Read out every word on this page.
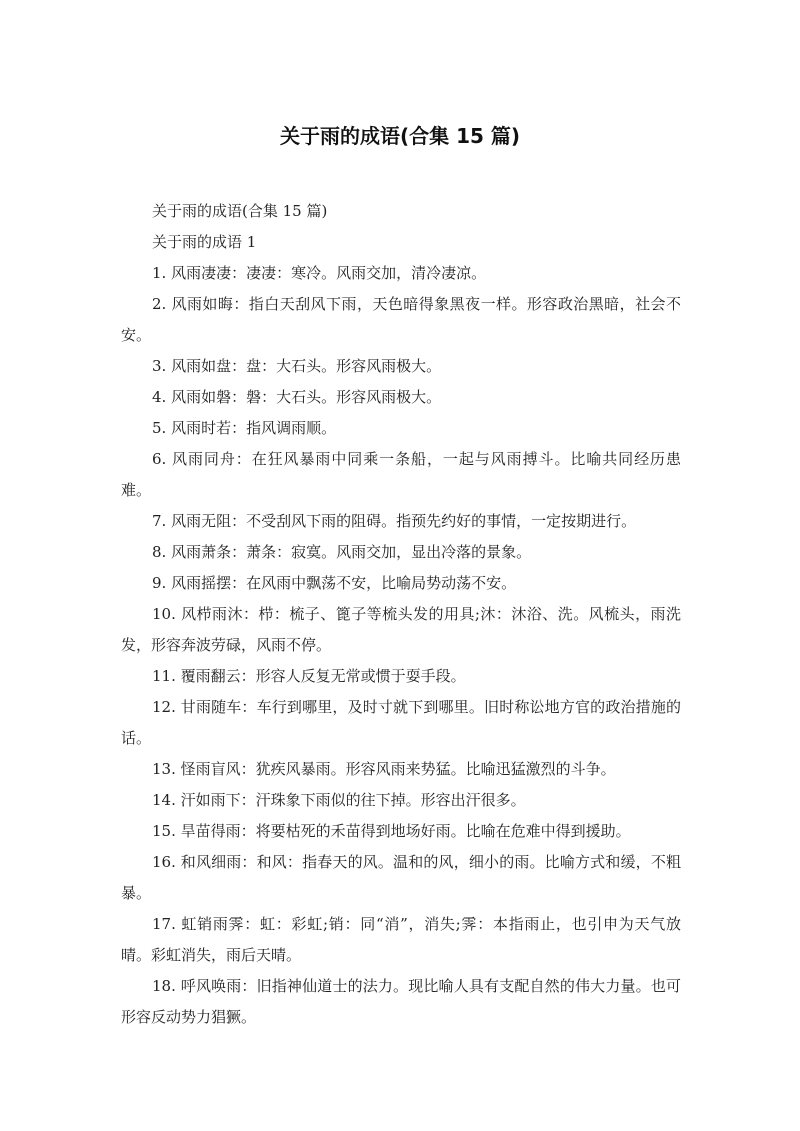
关于雨的成语(合集 15 篇)

关于雨的成语(合集 15 篇)

关于雨的成语 1

1. 风雨凄凄：凄凄：寒冷。风雨交加，清冷凄凉。

2. 风雨如晦：指白天刮风下雨，天色暗得象黑夜一样。形容政治黑暗，社会不安。

3. 风雨如盘：盘：大石头。形容风雨极大。

4. 风雨如磐：磐：大石头。形容风雨极大。

5. 风雨时若：指风调雨顺。

6. 风雨同舟：在狂风暴雨中同乘一条船，一起与风雨搏斗。比喻共同经历患难。

7. 风雨无阻：不受刮风下雨的阻碍。指预先约好的事情，一定按期进行。

8. 风雨萧条：萧条：寂寞。风雨交加，显出冷落的景象。

9. 风雨摇摆：在风雨中飘荡不安，比喻局势动荡不安。

10. 风栉雨沐：栉：梳子、篦子等梳头发的用具;沐：沐浴、洗。风梳头，雨洗发，形容奔波劳碌，风雨不停。

11. 覆雨翻云：形容人反复无常或惯于耍手段。

12. 甘雨随车：车行到哪里，及时寸就下到哪里。旧时称讼地方官的政治措施的话。

13. 怪雨盲风：犹疾风暴雨。形容风雨来势猛。比喻迅猛激烈的斗争。

14. 汗如雨下：汗珠象下雨似的往下掉。形容出汗很多。

15. 旱苗得雨：将要枯死的禾苗得到地场好雨。比喻在危难中得到援助。

16. 和风细雨：和风：指春天的风。温和的风，细小的雨。比喻方式和缓，不粗暴。

17. 虹销雨霁：虹：彩虹;销：同“消”，消失;霁：本指雨止，也引申为天气放晴。彩虹消失，雨后天晴。

18. 呼风唤雨：旧指神仙道士的法力。现比喻人具有支配自然的伟大力量。也可形容反动势力猖獗。
